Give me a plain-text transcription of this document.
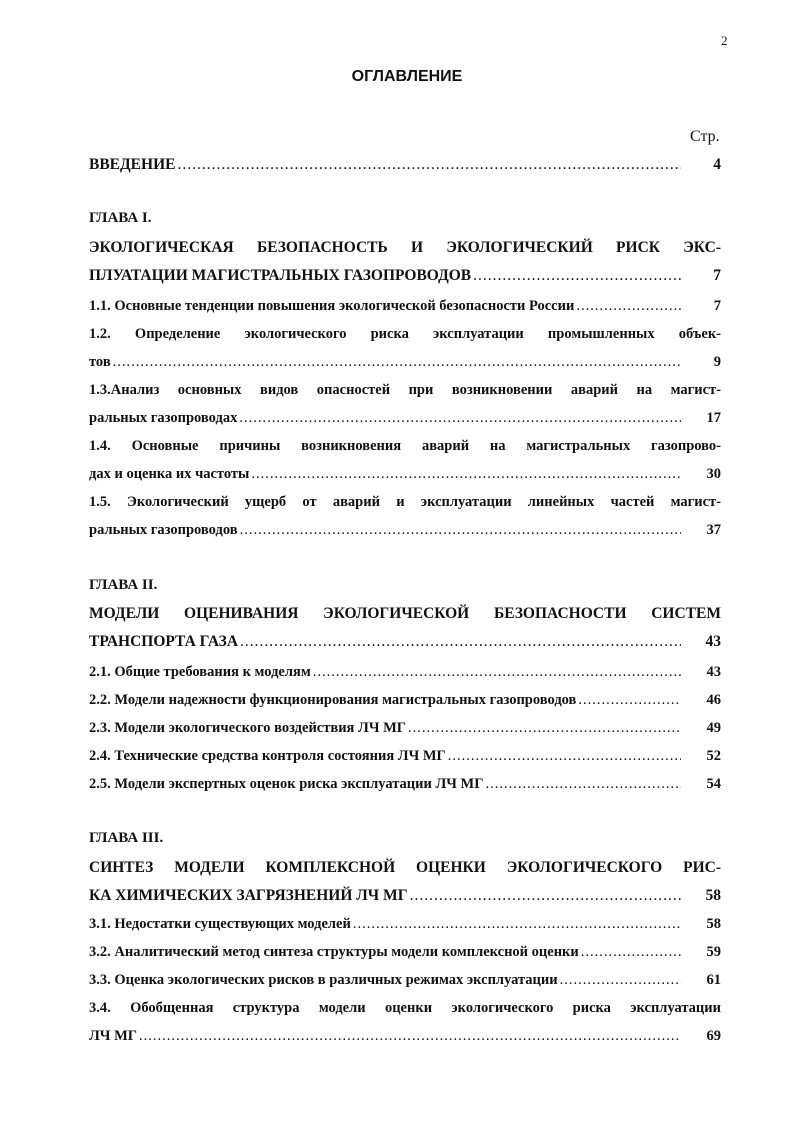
2
ОГЛАВЛЕНИЕ
Стр.
ВВЕДЕНИЕ .....	4
ГЛАВА I.
ЭКОЛОГИЧЕСКАЯ БЕЗОПАСНОСТЬ И ЭКОЛОГИЧЕСКИЙ РИСК ЭКС-
ПЛУАТАЦИИ МАГИСТРАЛЬНЫХ ГАЗОПРОВОДОВ .....	7
1.1. Основные тенденции повышения экологической безопасности России .....	7
1.2. Определение экологического риска эксплуатации промышленных объек-
тов .....	9
1.3.Анализ основных видов опасностей при возникновении аварий на магист-
ральных газопроводах .....	17
1.4. Основные причины возникновения аварий на магистральных газопрово-
дах и оценка их частоты .....	30
1.5. Экологический ущерб от аварий и эксплуатации линейных частей магист-
ральных газопроводов .....	37
ГЛАВА II.
МОДЕЛИ ОЦЕНИВАНИЯ ЭКОЛОГИЧЕСКОЙ БЕЗОПАСНОСТИ СИСТЕМ
ТРАНСПОРТА ГАЗА .....	43
2.1. Общие требования к моделям .....	43
2.2. Модели надежности функционирования магистральных газопроводов .....	46
2.3. Модели экологического воздействия ЛЧ МГ .....	49
2.4. Технические средства контроля состояния ЛЧ МГ .....	52
2.5. Модели экспертных оценок риска эксплуатации ЛЧ МГ .....	54
ГЛАВА III.
СИНТЕЗ МОДЕЛИ КОМПЛЕКСНОЙ ОЦЕНКИ ЭКОЛОГИЧЕСКОГО РИС-
КА ХИМИЧЕСКИХ ЗАГРЯЗНЕНИЙ ЛЧ МГ .....	58
3.1. Недостатки существующих моделей .....	58
3.2. Аналитический метод синтеза структуры модели комплексной оценки .....	59
3.3. Оценка экологических рисков в различных режимах эксплуатации .....	61
3.4. Обобщенная структура модели оценки экологического риска эксплуатации
ЛЧ МГ .....	69
